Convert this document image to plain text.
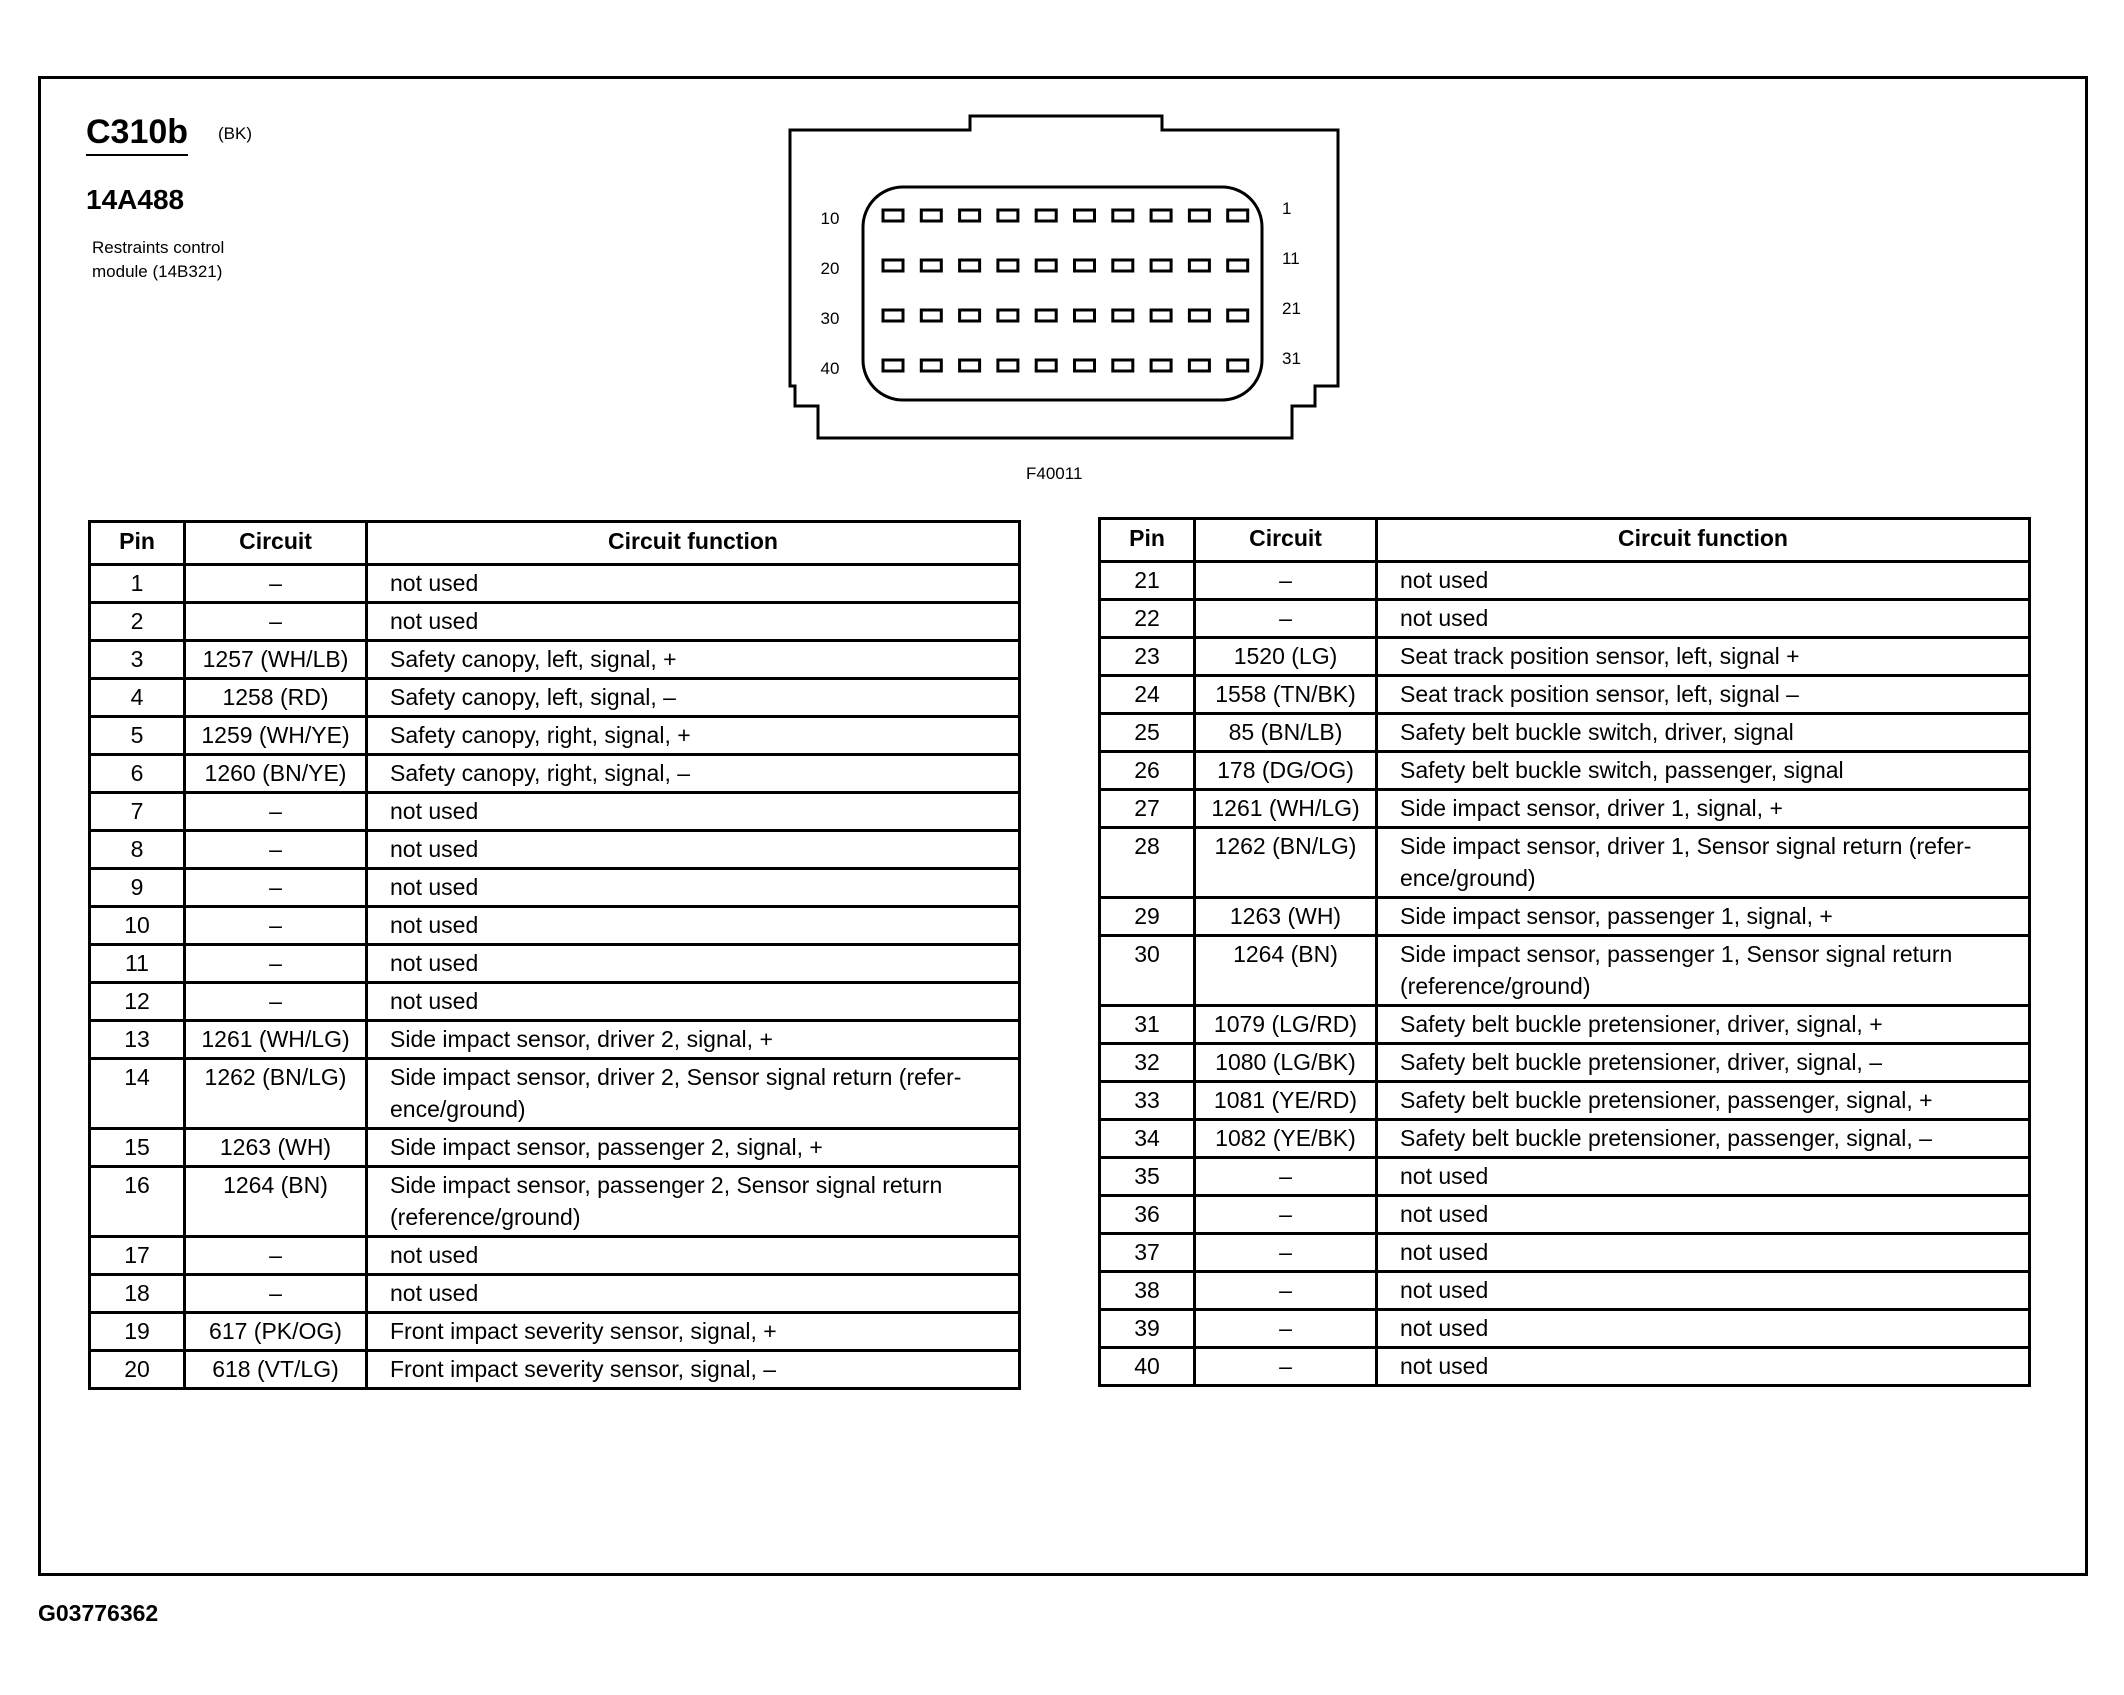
C310b (BK)
14A488
Restraints control
module (14B321)
10
20
30
40
1
11
21
31
F40011
Pin	Circuit	Circuit function
1	–	not used
2	–	not used
3	1257 (WH/LB)	Safety canopy, left, signal, +
4	1258 (RD)	Safety canopy, left, signal, –
5	1259 (WH/YE)	Safety canopy, right, signal, +
6	1260 (BN/YE)	Safety canopy, right, signal, –
7	–	not used
8	–	not used
9	–	not used
10	–	not used
11	–	not used
12	–	not used
13	1261 (WH/LG)	Side impact sensor, driver 2, signal, +
14	1262 (BN/LG)	Side impact sensor, driver 2, Sensor signal return (refer-ence/ground)
15	1263 (WH)	Side impact sensor, passenger 2, signal, +
16	1264 (BN)	Side impact sensor, passenger 2, Sensor signal return (reference/ground)
17	–	not used
18	–	not used
19	617 (PK/OG)	Front impact severity sensor, signal, +
20	618 (VT/LG)	Front impact severity sensor, signal, –
Pin	Circuit	Circuit function
21	–	not used
22	–	not used
23	1520 (LG)	Seat track position sensor, left, signal +
24	1558 (TN/BK)	Seat track position sensor, left, signal –
25	85 (BN/LB)	Safety belt buckle switch, driver, signal
26	178 (DG/OG)	Safety belt buckle switch, passenger, signal
27	1261 (WH/LG)	Side impact sensor, driver 1, signal, +
28	1262 (BN/LG)	Side impact sensor, driver 1, Sensor signal return (refer-ence/ground)
29	1263 (WH)	Side impact sensor, passenger 1, signal, +
30	1264 (BN)	Side impact sensor, passenger 1, Sensor signal return (reference/ground)
31	1079 (LG/RD)	Safety belt buckle pretensioner, driver, signal, +
32	1080 (LG/BK)	Safety belt buckle pretensioner, driver, signal, –
33	1081 (YE/RD)	Safety belt buckle pretensioner, passenger, signal, +
34	1082 (YE/BK)	Safety belt buckle pretensioner, passenger, signal, –
35	–	not used
36	–	not used
37	–	not used
38	–	not used
39	–	not used
40	–	not used
G03776362
